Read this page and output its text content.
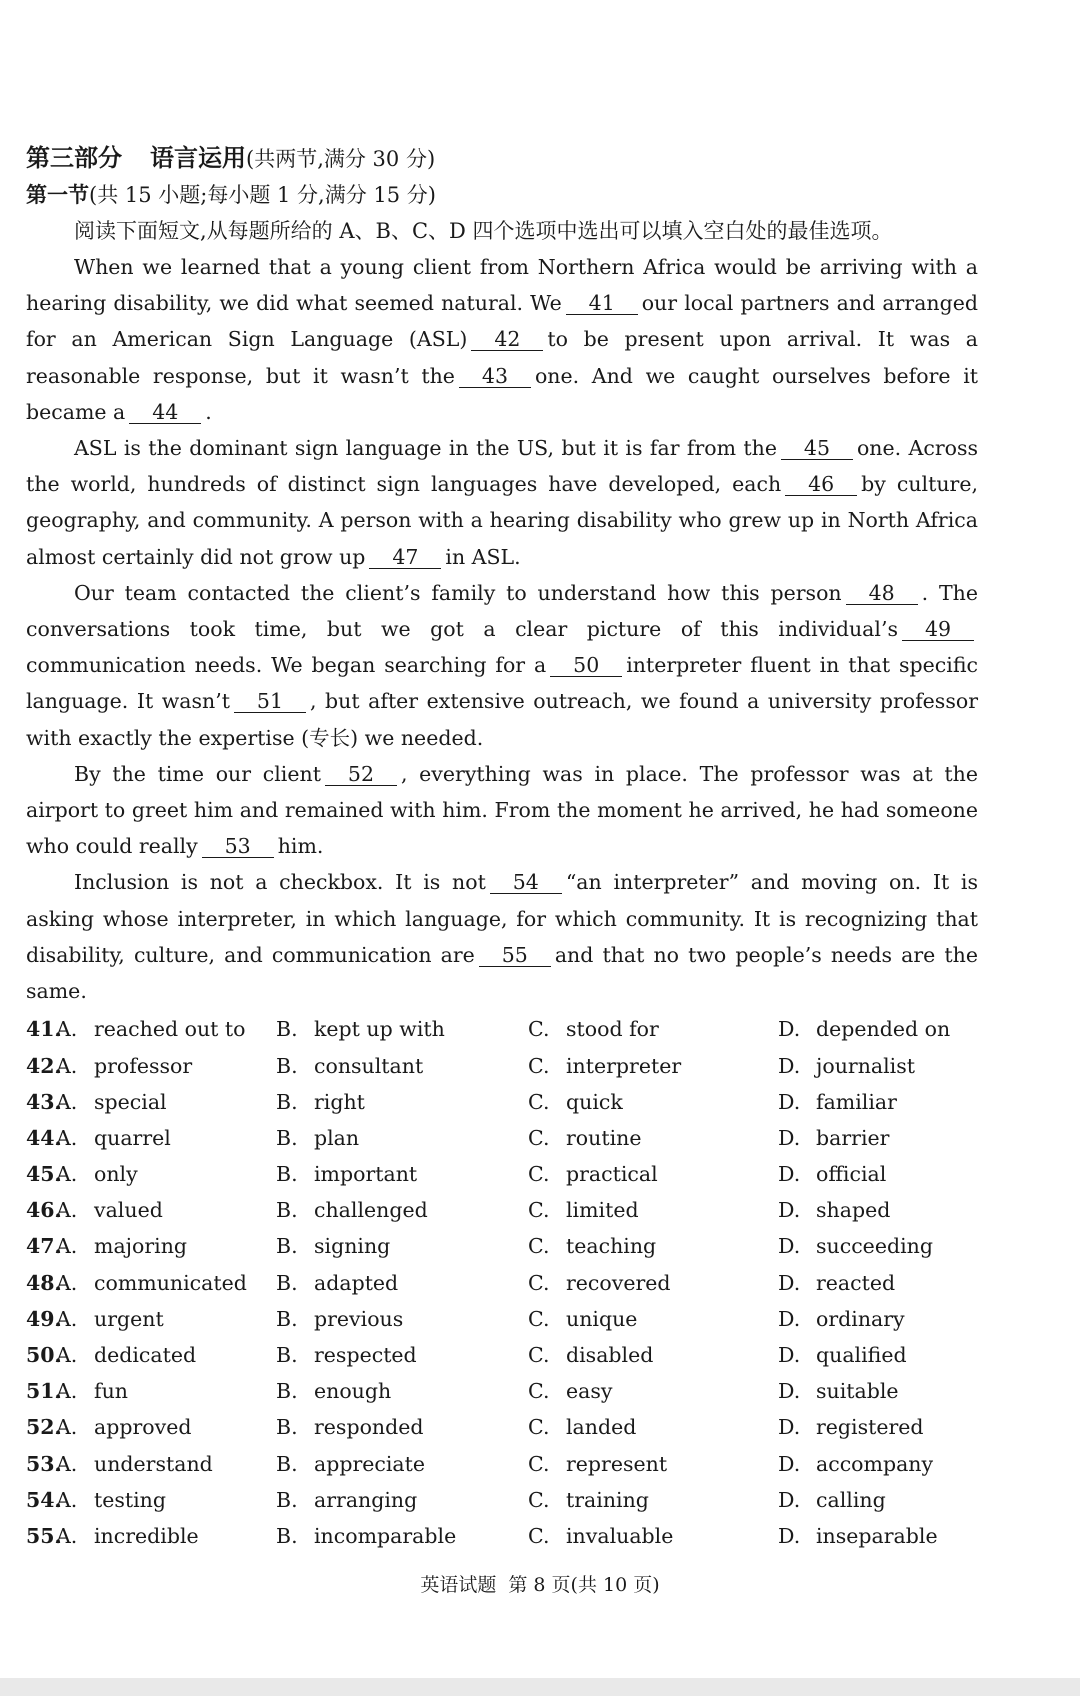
第三部分 语言运用(共两节,满分 30 分)

第一节(共 15 小题;每小题 1 分,满分 15 分)

阅读下面短文,从每题所给的 A、B、C、D 四个选项中选出可以填入空白处的最佳选项。

When we learned that a young client from Northern Africa would be arriving with a hearing disability, we did what seemed natural. We 41 our local partners and arranged for an American Sign Language (ASL) 42 to be present upon arrival. It was a reasonable response, but it wasn’t the 43 one. And we caught ourselves before it became a 44 .

ASL is the dominant sign language in the US, but it is far from the 45 one. Across the world, hundreds of distinct sign languages have developed, each 46 by culture, geography, and community. A person with a hearing disability who grew up in North Africa almost certainly did not grow up 47 in ASL.

Our team contacted the client’s family to understand how this person 48 . The conversations took time, but we got a clear picture of this individual’s 49communication needs. We began searching for a 50 interpreter fluent in that specific language. It wasn’t 51 , but after extensive outreach, we found a university professor with exactly the expertise (专长) we needed.

By the time our client 52 , everything was in place. The professor was at the airport to greet him and remained with him. From the moment he arrived, he had someone who could really 53 him.

Inclusion is not a checkbox. It is not 54 “an interpreter” and moving on. It is asking whose interpreter, in which language, for which community. It is recognizing that disability, culture, and communication are 55 and that no two people’s needs are the same.

41.
A. reached out to B. kept up with	C. stood for	D. depended on
42.
A. professor	B. consultant	C. interpreter	D. journalist
43.
A. special	B. right	C. quick	D. familiar
44.
A. quarrel	B. plan	C. routine	D. barrier
45.
A. only	B. important	C. practical	D. official
46.
A. valued	B. challenged	C. limited	D. shaped
47.
A. majoring	B. signing	C. teaching	D. succeeding
48.
A. communicated B. adapted	C. recovered	D. reacted
49.
A. urgent	B. previous	C. unique	D. ordinary
50.
A. dedicated	B. respected	C. disabled	D. qualified
51.
A. fun	B. enough	C. easy	D. suitable
52.
A. approved	B. responded	C. landed	D. registered
53.
A. understand	B. appreciate	C. represent	D. accompany
54.
A. testing	B. arranging	C. training	D. calling
55.
A. incredible	B. incomparable	C. invaluable	D. inseparable
英语试题 第 8 页(共 10 页)
